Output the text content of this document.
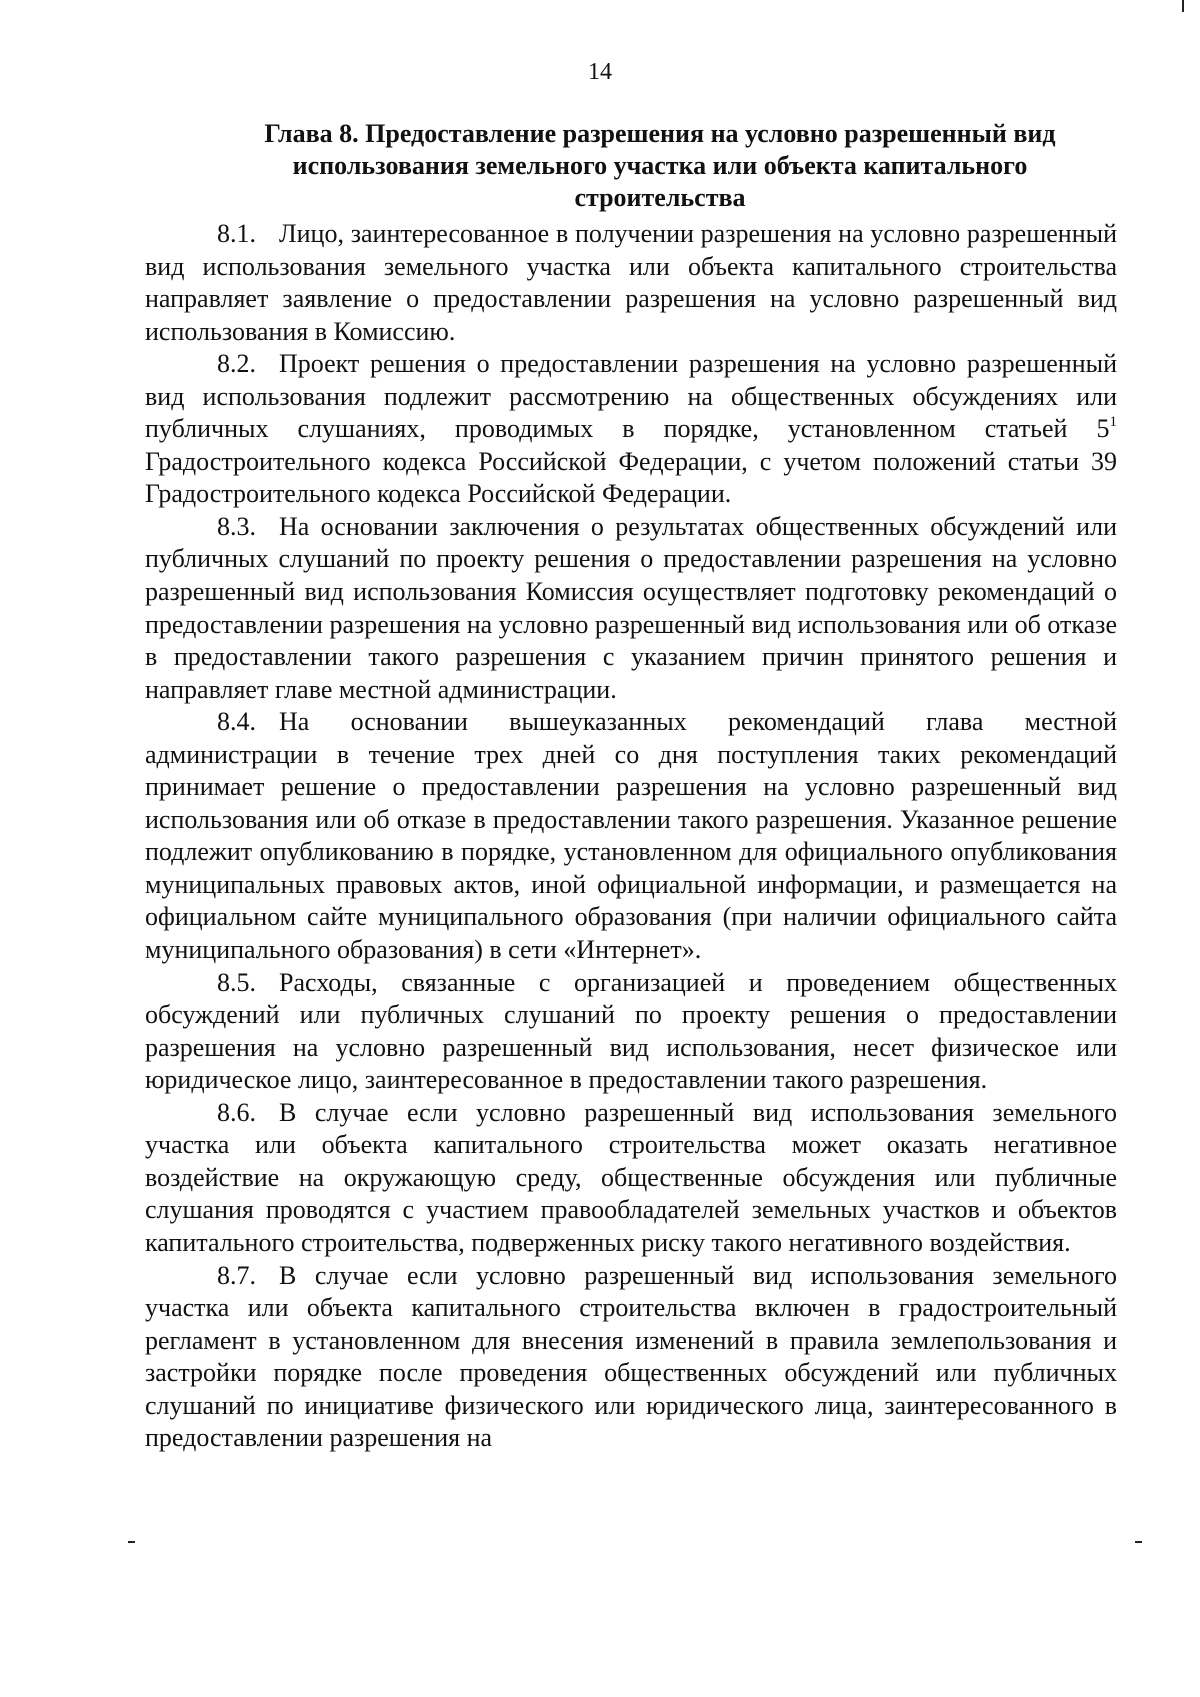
14
Глава 8. Предоставление разрешения на условно разрешенный вид использования земельного участка или объекта капитального строительства

8.1. Лицо, заинтересованное в получении разрешения на условно разрешенный вид использования земельного участка или объекта капитального строительства направляет заявление о предоставлении разрешения на условно разрешенный вид использования в Комиссию.

8.2. Проект решения о предоставлении разрешения на условно разрешенный вид использования подлежит рассмотрению на общественных обсуждениях или публичных слушаниях, проводимых в порядке, установленном статьей $5^1$ Градостроительного кодекса Российской Федерации, с учетом положений статьи 39 Градостроительного кодекса Российской Федерации.

8.3. На основании заключения о результатах общественных обсуждений или публичных слушаний по проекту решения о предоставлении разрешения на условно разрешенный вид использования Комиссия осуществляет подготовку рекомендаций о предоставлении разрешения на условно разрешенный вид использования или об отказе в предоставлении такого разрешения с указанием причин принятого решения и направляет главе местной администрации.

8.4. На основании вышеуказанных рекомендаций глава местной администрации в течение трех дней со дня поступления таких рекомендаций принимает решение о предоставлении разрешения на условно разрешенный вид использования или об отказе в предоставлении такого разрешения. Указанное решение подлежит опубликованию в порядке, установленном для официального опубликования муниципальных правовых актов, иной официальной информации, и размещается на официальном сайте муниципального образования (при наличии официального сайта муниципального образования) в сети «Интернет».

8.5. Расходы, связанные с организацией и проведением общественных обсуждений или публичных слушаний по проекту решения о предоставлении разрешения на условно разрешенный вид использования, несет физическое или юридическое лицо, заинтересованное в предоставлении такого разрешения.

8.6. В случае если условно разрешенный вид использования земельного участка или объекта капитального строительства может оказать негативное воздействие на окружающую среду, общественные обсуждения или публичные слушания проводятся с участием правообладателей земельных участков и объектов капитального строительства, подверженных риску такого негативного воздействия.

8.7. В случае если условно разрешенный вид использования земельного участка или объекта капитального строительства включен в градостроительный регламент в установленном для внесения изменений в правила землепользования и застройки порядке после проведения общественных обсуждений или публичных слушаний по инициативе физического или юридического лица, заинтересованного в предоставлении разрешения на
